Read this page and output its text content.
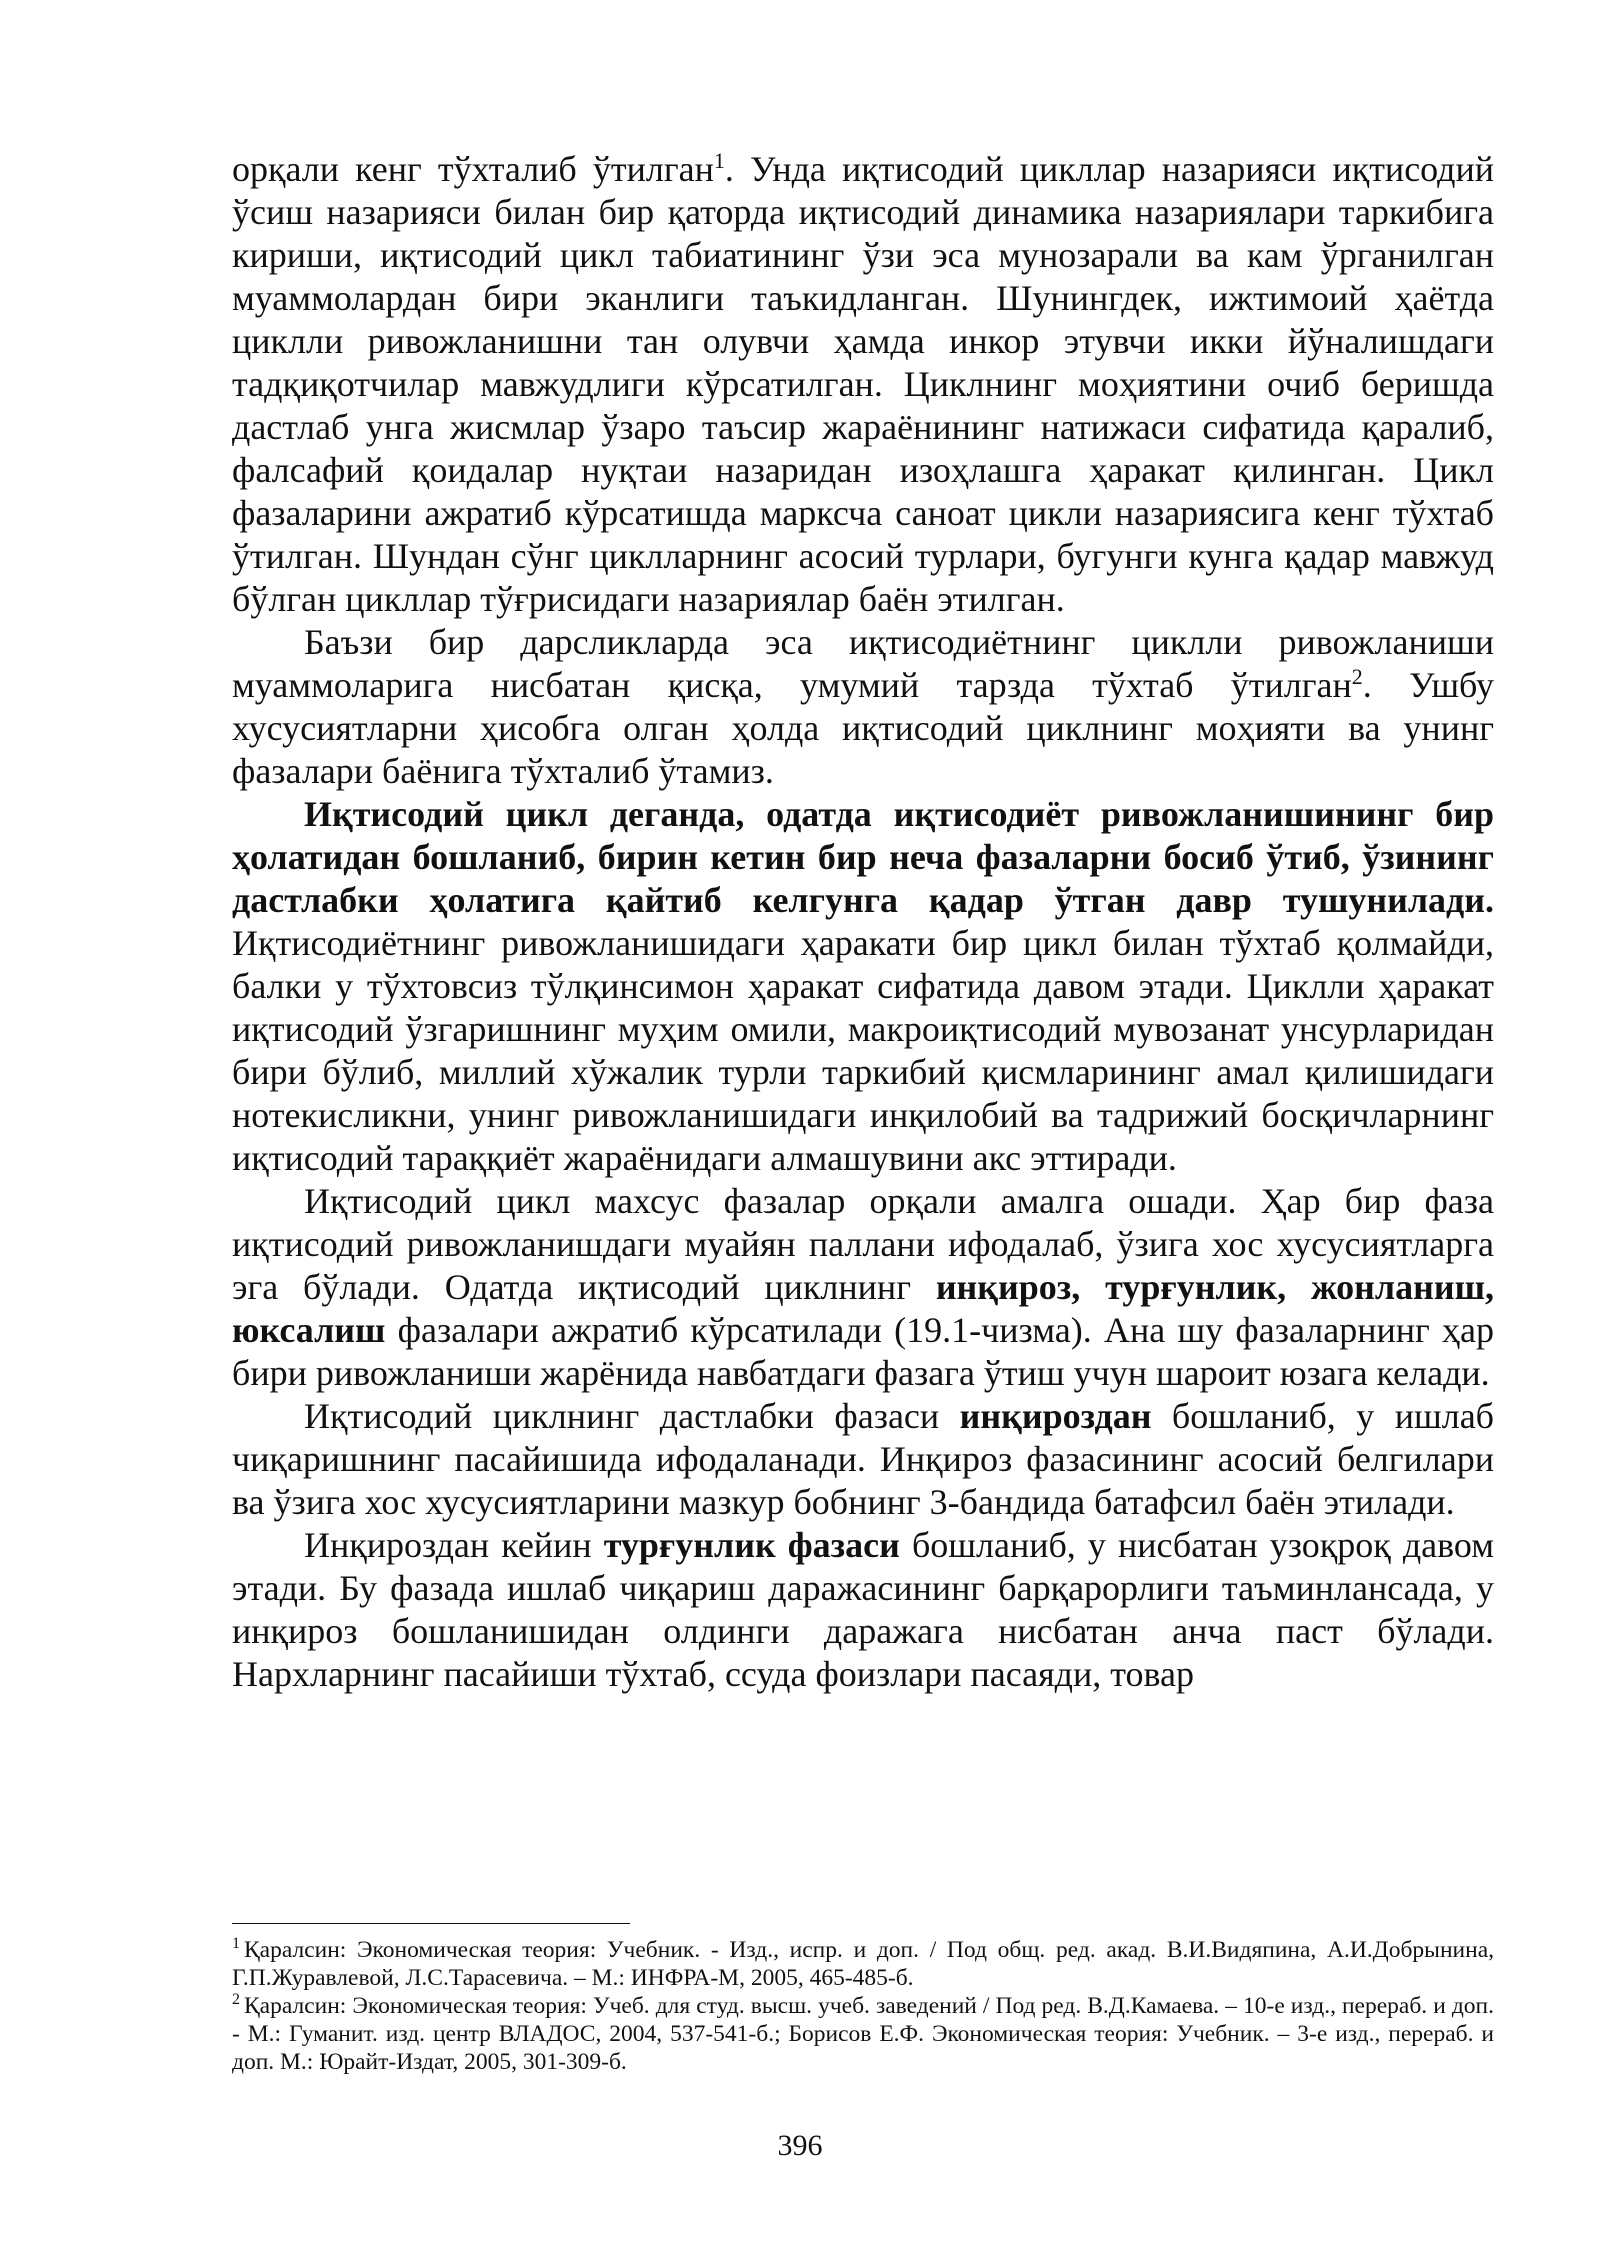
орқали кенг тўхталиб ўтилган$^1$. Унда иқтисодий цикллар назарияси иқтисодий ўсиш назарияси билан бир қаторда иқтисодий динамика назариялари таркибига кириши, иқтисодий цикл табиатининг ўзи эса мунозарали ва кам ўрганилган муаммолардан бири эканлиги таъкидланган. Шунингдек, ижтимоий ҳаётда циклли ривожланишни тан олувчи ҳамда инкор этувчи икки йўналишдаги тадқиқотчилар мавжудлиги кўрсатилган. Циклнинг моҳиятини очиб беришда дастлаб унга жисмлар ўзаро таъсир жараёнининг натижаси сифатида қаралиб, фалсафий қоидалар нуқтаи назаридан изоҳлашга ҳаракат қилинган. Цикл фазаларини ажратиб кўрсатишда марксча саноат цикли назариясига кенг тўхтаб ўтилган. Шундан сўнг циклларнинг асосий турлари, бугунги кунга қадар мавжуд бўлган цикллар тўғрисидаги назариялар баён этилган.

Баъзи бир дарсликларда эса иқтисодиётнинг циклли ривожланиши муаммоларига нисбатан қисқа, умумий тарзда тўхтаб ўтилган$^2$. Ушбу хусусиятларни ҳисобга олган ҳолда иқтисодий циклнинг моҳияти ва унинг фазалари баёнига тўхталиб ўтамиз.

Иқтисодий цикл деганда, одатда иқтисодиёт ривожланишининг бир ҳолатидан бошланиб, бирин кетин бир неча фазаларни босиб ўтиб, ўзининг дастлабки ҳолатига қайтиб келгунга қадар ўтган давр тушунилади. Иқтисодиётнинг ривожланишидаги ҳаракати бир цикл билан тўхтаб қолмайди, балки у тўхтовсиз тўлқинсимон ҳаракат сифатида давом этади. Циклли ҳаракат иқтисодий ўзгаришнинг муҳим омили, макроиқтисодий мувозанат унсурларидан бири бўлиб, миллий хўжалик турли таркибий қисмларининг амал қилишидаги нотекисликни, унинг ривожланишидаги инқилобий ва тадрижий босқичларнинг иқтисодий тараққиёт жараёнидаги алмашувини акс эттиради.

Иқтисодий цикл махсус фазалар орқали амалга ошади. Ҳар бир фаза иқтисодий ривожланишдаги муайян паллани ифодалаб, ўзига хос хусусиятларга эга бўлади. Одатда иқтисодий циклнинг инқироз, турғунлик, жонланиш, юксалиш фазалари ажратиб кўрсатилади (19.1-чизма). Ана шу фазаларнинг ҳар бири ривожланиши жарёнида навбатдаги фазага ўтиш учун шароит юзага келади.

Иқтисодий циклнинг дастлабки фазаси инқироздан бошланиб, у ишлаб чиқаришнинг пасайишида ифодаланади. Инқироз фазасининг асосий белгилари ва ўзига хос хусусиятларини мазкур бобнинг 3-бандида батафсил баён этилади.

Инқироздан кейин турғунлик фазаси бошланиб, у нисбатан узоқроқ давом этади. Бу фазада ишлаб чиқариш даражасининг барқарорлиги таъминлансада, у инқироз бошланишидан олдинги даражага нисбатан анча паст бўлади. Нархларнинг пасайиши тўхтаб, ссуда фоизлари пасаяди, товар

$^1$ Қаралсин: Экономическая теория: Учебник. - Изд., испр. и доп. / Под общ. ред. акад. В.И.Видяпина, А.И.Добрынина, Г.П.Журавлевой, Л.С.Тарасевича. – М.: ИНФРА-М, 2005, 465-485-б.

$^2$ Қаралсин: Экономическая теория: Учеб. для студ. высш. учеб. заведений / Под ред. В.Д.Камаева. – 10-е изд., перераб. и доп. - М.: Гуманит. изд. центр ВЛАДОС, 2004, 537-541-б.; Борисов Е.Ф. Экономическая теория: Учебник. – 3-е изд., перераб. и доп. М.: Юрайт-Издат, 2005, 301-309-б.

396
